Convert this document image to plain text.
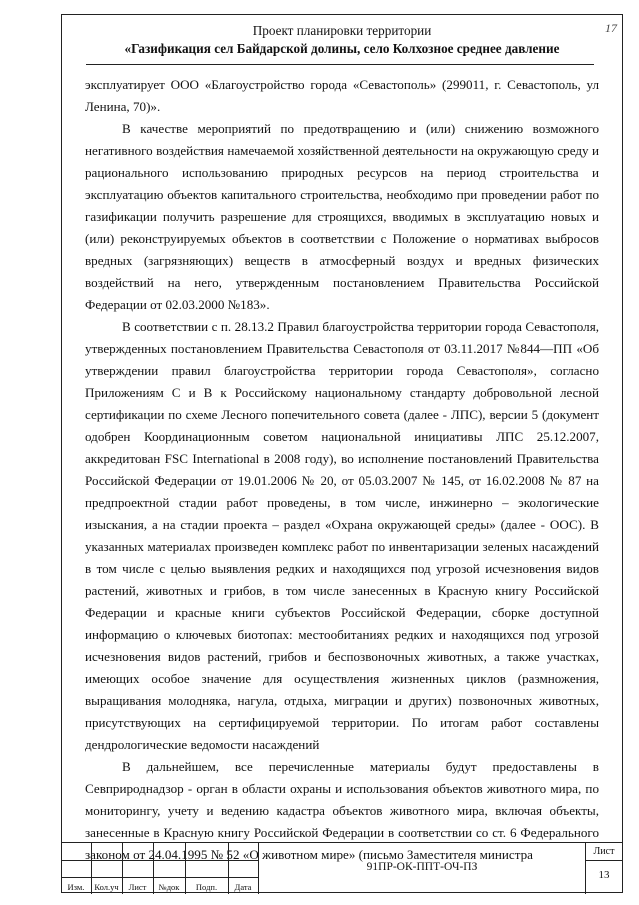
17
Проект планировки территории
«Газификация сел Байдарской долины, село Колхозное среднее давление

эксплуатирует ООО «Благоустройство города «Севастополь» (299011, г. Севастополь, ул Ленина, 70)».

В качестве мероприятий по предотвращению и (или) снижению возможного негативного воздействия намечаемой хозяйственной деятельности на окружающую среду и рационального использованию природных ресурсов на период строительства и эксплуатацию объектов капитального строительства, необходимо при проведении работ по газификации получить разрешение для строящихся, вводимых в эксплуатацию новых и (или) реконструируемых объектов в соответствии с Положение о нормативах выбросов вредных (загрязняющих) веществ в атмосферный воздух и вредных физических воздействий на него, утвержденным постановлением Правительства Российской Федерации от 02.03.2000 №183».

В соответствии с п. 28.13.2 Правил благоустройства территории города Севастополя, утвержденных постановлением Правительства Севастополя от 03.11.2017 №844—ПП «Об утверждении правил благоустройства территории города Севастополя», согласно Приложениям С и В к Российскому национальному стандарту добровольной лесной сертификации по схеме Лесного попечительного совета (далее - ЛПС), версии 5 (документ одобрен Координационным советом национальной инициативы ЛПС 25.12.2007, аккредитован FSC International в 2008 году), во исполнение постановлений Правительства Российской Федерации от 19.01.2006 № 20, от 05.03.2007 № 145, от 16.02.2008 № 87 на предпроектной стадии работ проведены, в том числе, инжинерно – экологические изыскания, а на стадии проекта – раздел «Охрана окружающей среды» (далее - ООС). В указанных материалах произведен комплекс работ по инвентаризации зеленых насаждений в том числе с целью выявления редких и находящихся под угрозой исчезновения видов растений, животных и грибов, в том числе занесенных в Красную книгу Российской Федерации и красные книги субъектов Российской Федерации, сборке доступной информацию о ключевых биотопах: местообитаниях редких и находящихся под угрозой исчезновения видов растений, грибов и беспозвоночных животных, а также участках, имеющих особое значение для осуществления жизненных циклов (размножения, выращивания молодняка, нагула, отдыха, миграции и других) позвоночных животных, присутствующих на сертифицируемой территории. По итогам работ составлены дендрологические ведомости насаждений

В дальнейшем, все перечисленные материалы будут предоставлены в Севприроднадзор - орган в области охраны и использования объектов животного мира, по мониторингу, учету и ведению кадастра объектов животного мира, включая объекты, занесенные в Красную книгу Российской Федерации в соответствии со ст. 6 Федерального законом от 24.04.1995 № 52 «О животном мире» (письмо Заместителя министра

Изм.	Кол.уч	Лист	№док	Подп.	Дата
91ПР-ОК-ППТ-ОЧ-ПЗ
Лист
13
